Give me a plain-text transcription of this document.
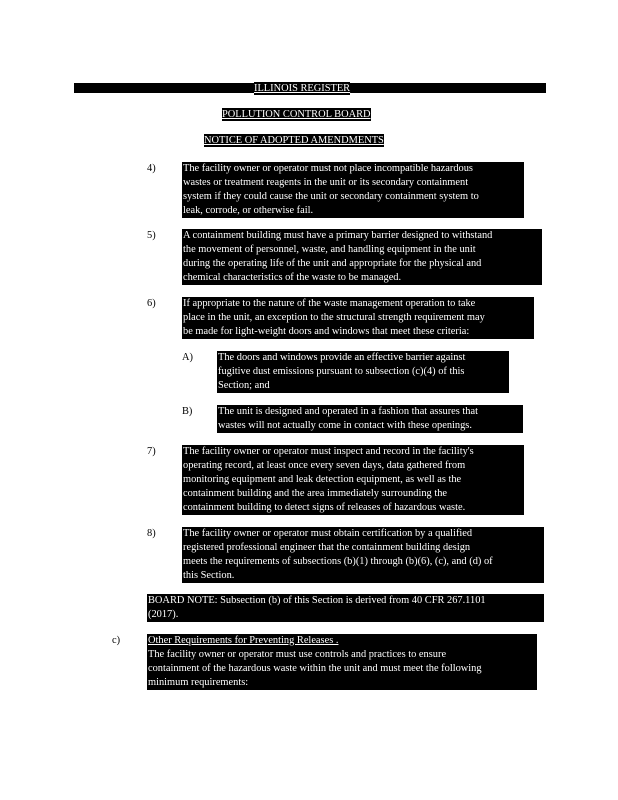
ILLINOIS REGISTER
POLLUTION CONTROL BOARD
NOTICE OF ADOPTED AMENDMENTS
4)	The facility owner or operator must not place incompatible hazardous

wastes or treatment reagents in the unit or its secondary containment

system if they could cause the unit or secondary containment system to

leak, corrode, or otherwise fail.

5)	A containment building must have a primary barrier designed to withstand

the movement of personnel, waste, and handling equipment in the unit

during the operating life of the unit and appropriate for the physical and

chemical characteristics of the waste to be managed.

6)	If appropriate to the nature of the waste management operation to take

place in the unit, an exception to the structural strength requirement may

be made for light-weight doors and windows that meet these criteria:

A) The doors and windows provide an effective barrier against

fugitive dust emissions pursuant to subsection (c)(4) of this

Section; and

B) The unit is designed and operated in a fashion that assures that

wastes will not actually come in contact with these openings.

7)	The facility owner or operator must inspect and record in the facility's

operating record, at least once every seven days, data gathered from

monitoring equipment and leak detection equipment, as well as the

containment building and the area immediately surrounding the

containment building to detect signs of releases of hazardous waste.

8)	The facility owner or operator must obtain certification by a qualified

registered professional engineer that the containment building design

meets the requirements of subsections (b)(1) through (b)(6), (c), and (d) of

this Section.

BOARD NOTE: Subsection (b) of this Section is derived from 40 CFR 267.1101

(2017).

c)	Other Requirements for Preventing Releases .

The facility owner or operator must use controls and practices to ensure

containment of the hazardous waste within the unit and must meet the following

minimum requirements:
